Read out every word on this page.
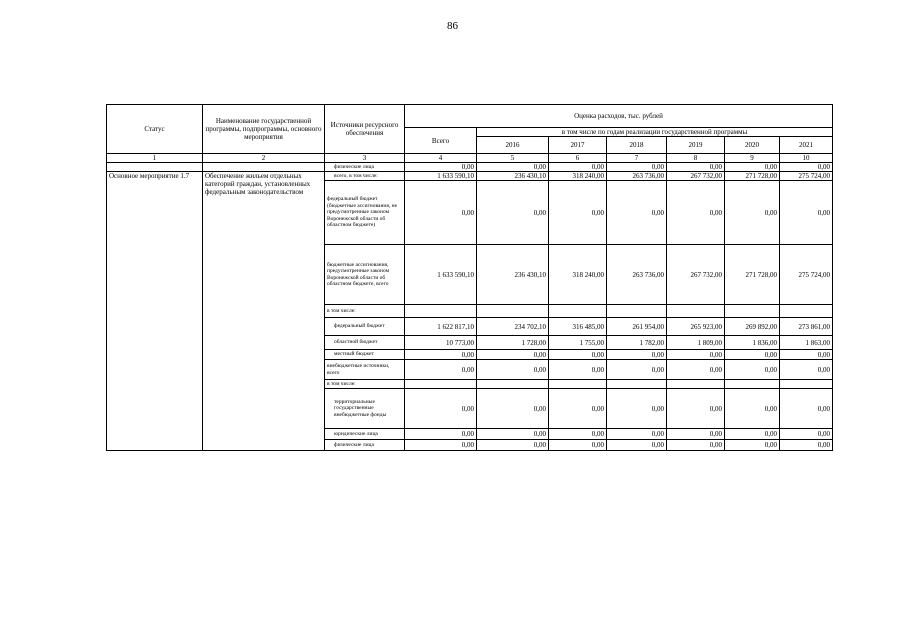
86
Статус	Наименование государственной программы, подпрограммы, основного мероприятия	Источники ресурсного обеспечения	Оценка расходов, тыс. рублей						
			Всего	в том числе по годам реализации государственной программы					
				2016	2017	2018	2019	2020	2021
1	2	3	4	5	6	7	8	9	10
		физические лица	0,00	0,00	0,00	0,00	0,00	0,00	0,00
Основное мероприятие 1.7	Обеспечение жильем отдельных категорий граждан, установленных федеральным законодательством	всего, в том числе:	1 633 590,10	236 430,10	318 240,00	263 736,00	267 732,00	271 728,00	275 724,00
		федеральный бюджет (бюджетные ассигнования, не предусмотренные законом Воронежской области об областном бюджете)	0,00	0,00	0,00	0,00	0,00	0,00	0,00
		бюджетные ассигнования, предусмотренные законом Воронежской области об областном бюджете, всего	1 633 590,10	236 430,10	318 240,00	263 736,00	267 732,00	271 728,00	275 724,00
		в том числе:							
		федеральный бюджет	1 622 817,10	234 702,10	316 485,00	261 954,00	265 923,00	269 892,00	273 861,00
		областной бюджет	10 773,00	1 728,00	1 755,00	1 782,00	1 809,00	1 836,00	1 863,00
		местный бюджет	0,00	0,00	0,00	0,00	0,00	0,00	0,00
		внебюджетные источники, всего	0,00	0,00	0,00	0,00	0,00	0,00	0,00
		в том числе:							
		территориальные государственные внебюджетные фонды	0,00	0,00	0,00	0,00	0,00	0,00	0,00
		юридические лица	0,00	0,00	0,00	0,00	0,00	0,00	0,00
		физические лица	0,00	0,00	0,00	0,00	0,00	0,00	0,00
